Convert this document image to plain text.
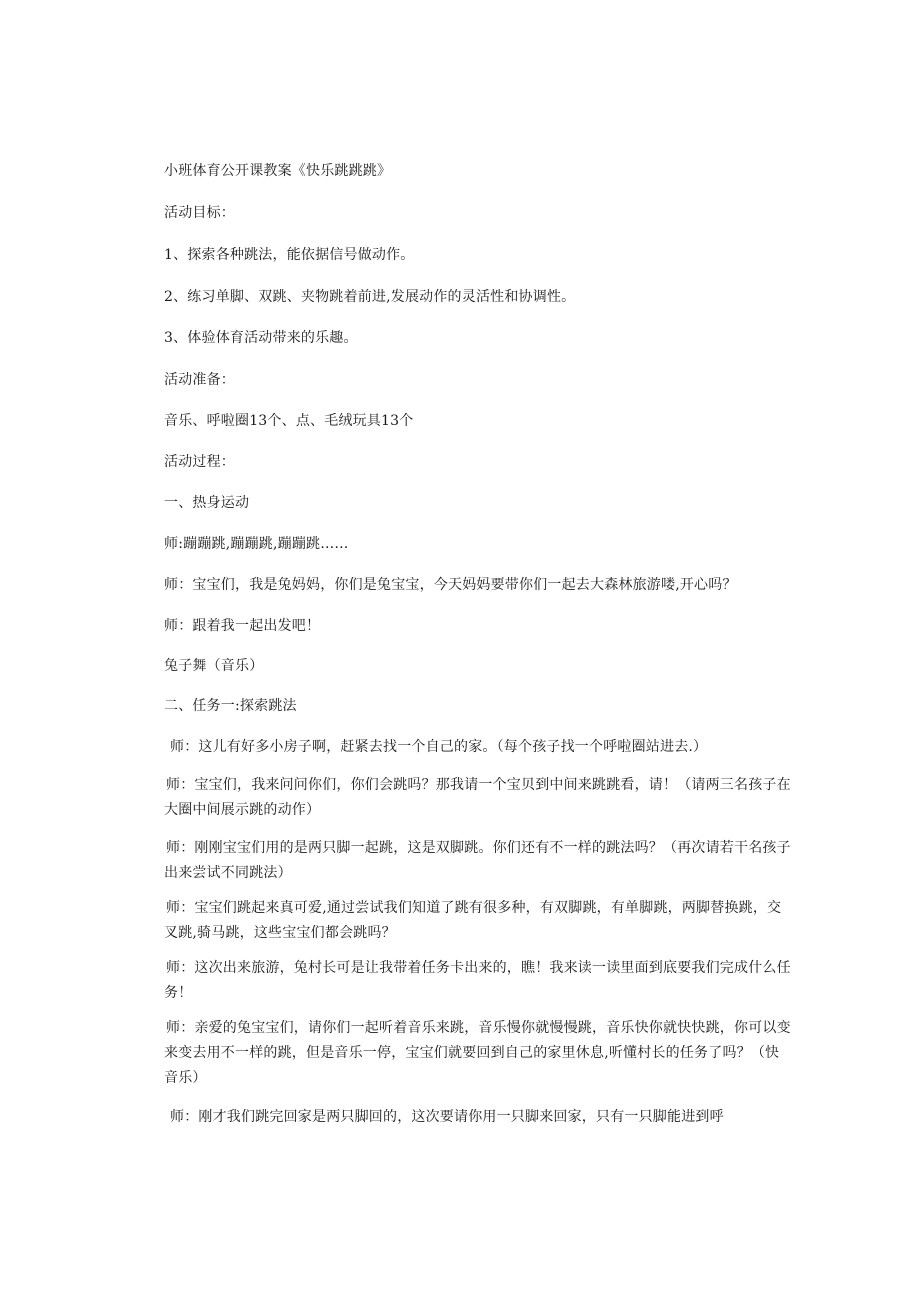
小班体育公开课教案《快乐跳跳跳》
活动目标：
1、探索各种跳法，能依据信号做动作。
2、练习单脚、双跳、夹物跳着前进,发展动作的灵活性和协调性。
3、体验体育活动带来的乐趣。
活动准备：
音乐、呼啦圈13个、点、毛绒玩具13个
活动过程：
一、热身运动
师:蹦蹦跳,蹦蹦跳,蹦蹦跳……
师：宝宝们，我是兔妈妈，你们是兔宝宝，今天妈妈要带你们一起去大森林旅游喽,开心吗？
师：跟着我一起出发吧！
兔子舞（音乐）
二、任务一:探索跳法
师：这儿有好多小房子啊，赶紧去找一个自己的家。（每个孩子找一个呼啦圈站进去.）
师：宝宝们，我来问问你们，你们会跳吗？那我请一个宝贝到中间来跳跳看，请！（请两三名孩子在大圈中间展示跳的动作）
师：刚刚宝宝们用的是两只脚一起跳，这是双脚跳。你们还有不一样的跳法吗？（再次请若干名孩子出来尝试不同跳法）
师：宝宝们跳起来真可爱,通过尝试我们知道了跳有很多种，有双脚跳，有单脚跳，两脚替换跳，交叉跳,骑马跳，这些宝宝们都会跳吗？
师：这次出来旅游，兔村长可是让我带着任务卡出来的，瞧！我来读一读里面到底要我们完成什么任务！
师：亲爱的兔宝宝们，请你们一起听着音乐来跳，音乐慢你就慢慢跳，音乐快你就快快跳，你可以变来变去用不一样的跳，但是音乐一停，宝宝们就要回到自己的家里休息,听懂村长的任务了吗？（快音乐）
师：刚才我们跳完回家是两只脚回的，这次要请你用一只脚来回家，只有一只脚能进到呼
